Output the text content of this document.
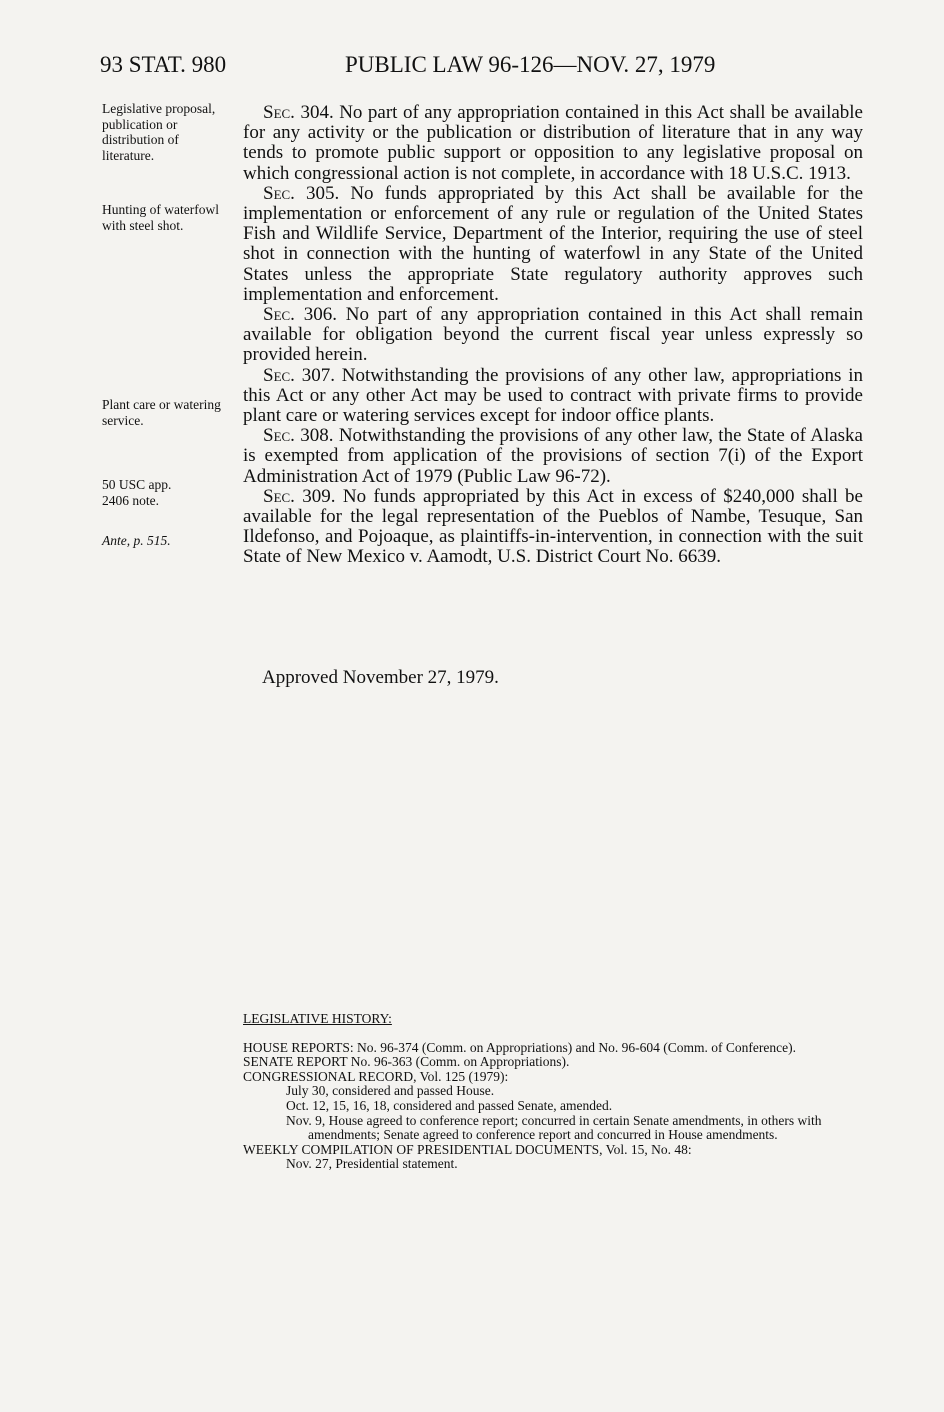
93 STAT. 980	PUBLIC LAW 96-126—NOV. 27, 1979
Legislative proposal, publication or distribution of literature.
Hunting of waterfowl with steel shot.
Plant care or watering service.
50 USC app. 2406 note.
Ante, p. 515.

Sec. 304. No part of any appropriation contained in this Act shall be available for any activity or the publication or distribution of literature that in any way tends to promote public support or opposition to any legislative proposal on which congressional action is not complete, in accordance with 18 U.S.C. 1913.

Sec. 305. No funds appropriated by this Act shall be available for the implementation or enforcement of any rule or regulation of the United States Fish and Wildlife Service, Department of the Interior, requiring the use of steel shot in connection with the hunting of waterfowl in any State of the United States unless the appropriate State regulatory authority approves such implementation and enforcement.

Sec. 306. No part of any appropriation contained in this Act shall remain available for obligation beyond the current fiscal year unless expressly so provided herein.

Sec. 307. Notwithstanding the provisions of any other law, appropriations in this Act or any other Act may be used to contract with private firms to provide plant care or watering services except for indoor office plants.

Sec. 308. Notwithstanding the provisions of any other law, the State of Alaska is exempted from application of the provisions of section 7(i) of the Export Administration Act of 1979 (Public Law 96-72).

Sec. 309. No funds appropriated by this Act in excess of $240,000 shall be available for the legal representation of the Pueblos of Nambe, Tesuque, San Ildefonso, and Pojoaque, as plaintiffs-in-intervention, in connection with the suit State of New Mexico v. Aamodt, U.S. District Court No. 6639.

Approved November 27, 1979.
LEGISLATIVE HISTORY:
HOUSE REPORTS: No. 96-374 (Comm. on Appropriations) and No. 96-604 (Comm. of Conference).
SENATE REPORT No. 96-363 (Comm. on Appropriations).
CONGRESSIONAL RECORD, Vol. 125 (1979):
July 30, considered and passed House.
Oct. 12, 15, 16, 18, considered and passed Senate, amended.
Nov. 9, House agreed to conference report; concurred in certain Senate amendments, in others with amendments; Senate agreed to conference report and concurred in House amendments.
WEEKLY COMPILATION OF PRESIDENTIAL DOCUMENTS, Vol. 15, No. 48:
Nov. 27, Presidential statement.
